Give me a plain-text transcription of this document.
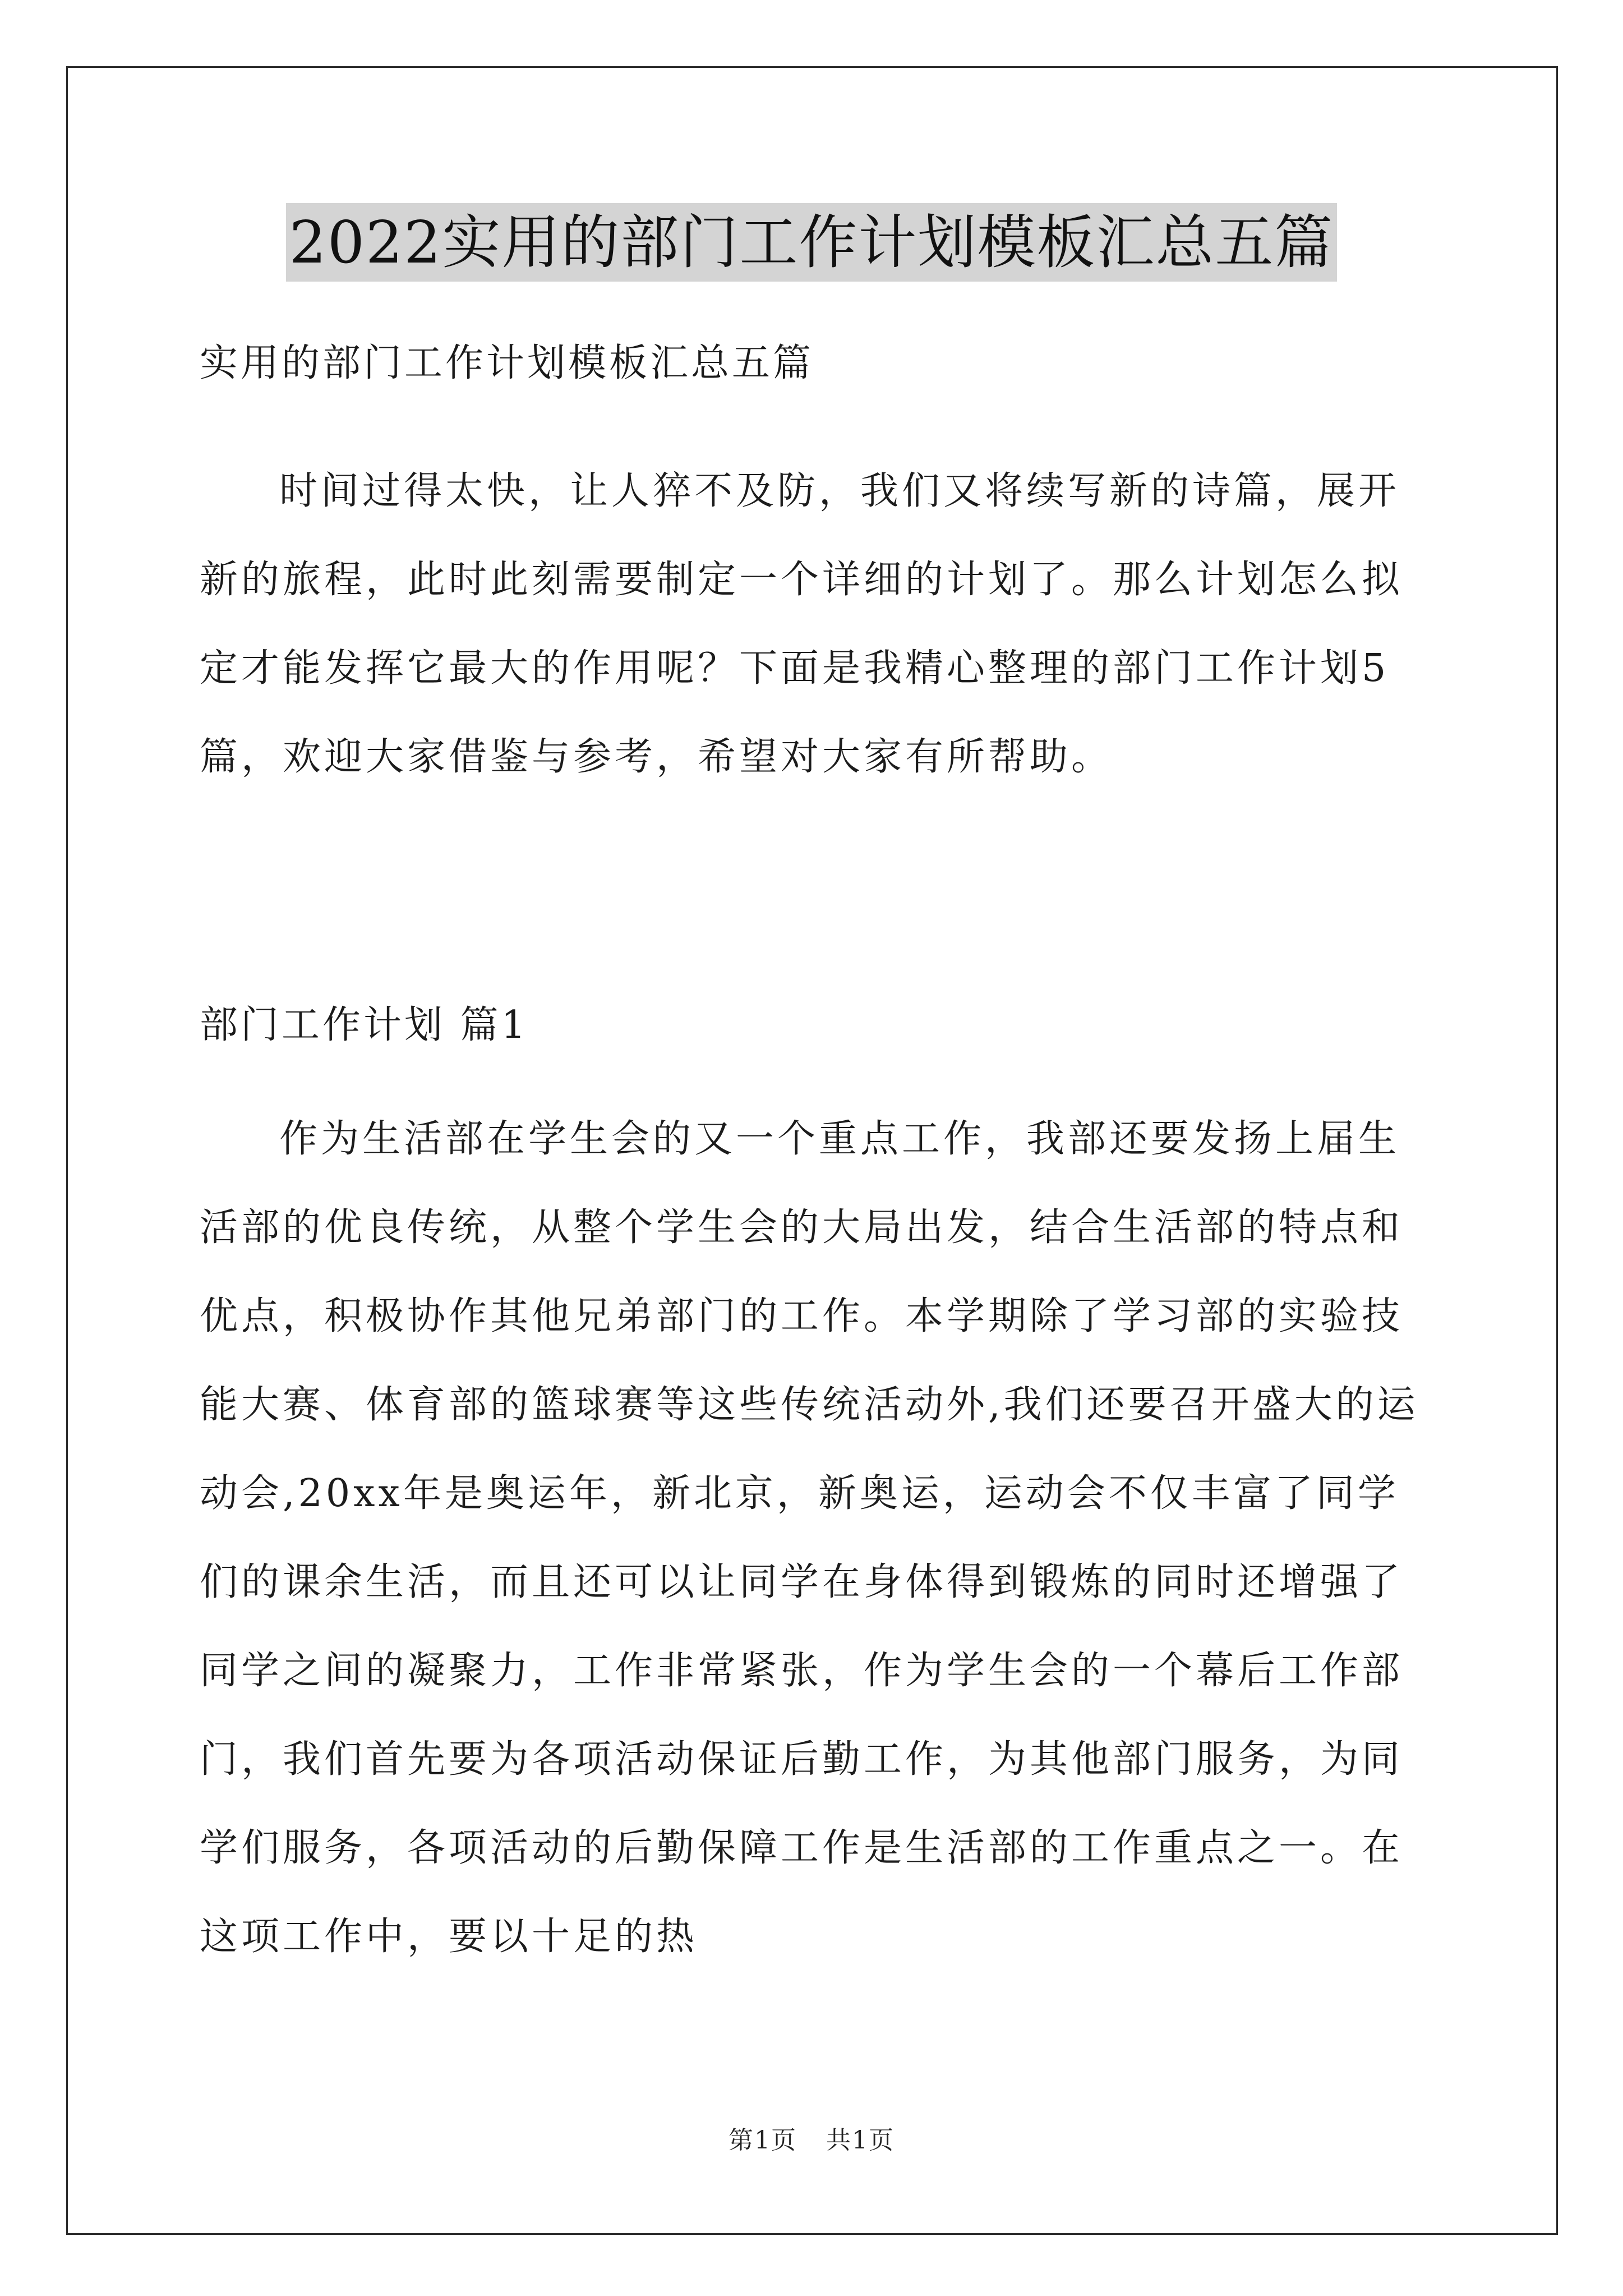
2022实用的部门工作计划模板汇总五篇
实用的部门工作计划模板汇总五篇

时间过得太快，让人猝不及防，我们又将续写新的诗篇，展开新的旅程，此时此刻需要制定一个详细的计划了。那么计划怎么拟定才能发挥它最大的作用呢？下面是我精心整理的部门工作计划5篇，欢迎大家借鉴与参考，希望对大家有所帮助。

部门工作计划 篇1

作为生活部在学生会的又一个重点工作，我部还要发扬上届生活部的优良传统，从整个学生会的大局出发，结合生活部的特点和优点，积极协作其他兄弟部门的工作。本学期除了学习部的实验技能大赛、体育部的篮球赛等这些传统活动外,我们还要召开盛大的运动会,20xx年是奥运年，新北京，新奥运，运动会不仅丰富了同学们的课余生活，而且还可以让同学在身体得到锻炼的同时还增强了同学之间的凝聚力，工作非常紧张，作为学生会的一个幕后工作部门，我们首先要为各项活动保证后勤工作，为其他部门服务，为同学们服务，各项活动的后勤保障工作是生活部的工作重点之一。在这项工作中，要以十足的热

第1页 共1页
